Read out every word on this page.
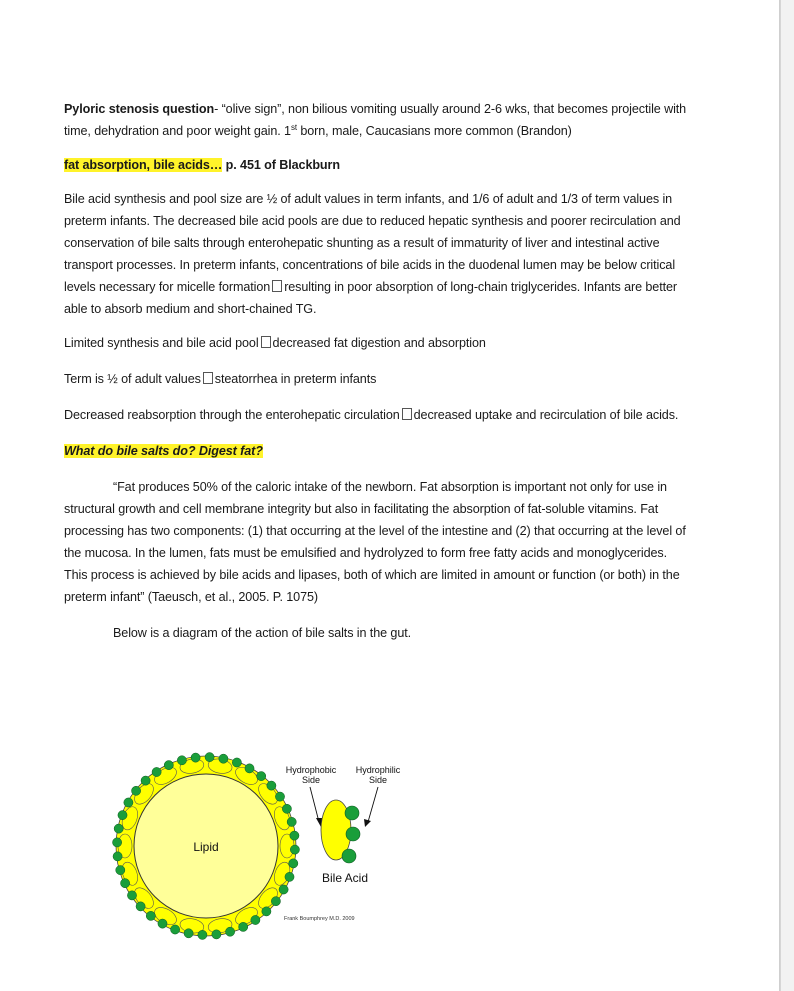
Pyloric stenosis question- “olive sign”, non bilious vomiting usually around 2-6 wks, that becomes projectile with time, dehydration and poor weight gain. 1st born, male, Caucasians more common (Brandon)

fat absorption, bile acids… p. 451 of Blackburn

Bile acid synthesis and pool size are ½ of adult values in term infants, and 1/6 of adult and 1/3 of term values in preterm infants. The decreased bile acid pools are due to reduced hepatic synthesis and poorer recirculation and conservation of bile salts through enterohepatic shunting as a result of immaturity of liver and intestinal active transport processes. In preterm infants, concentrations of bile acids in the duodenal lumen may be below critical levels necessary for micelle formation resulting in poor absorption of long-chain triglycerides. Infants are better able to absorb medium and short-chained TG.

Limited synthesis and bile acid pool decreased fat digestion and absorption

Term is ½ of adult values steatorrhea in preterm infants

Decreased reabsorption through the enterohepatic circulation decreased uptake and recirculation of bile acids.

What do bile salts do? Digest fat?

“Fat produces 50% of the caloric intake of the newborn. Fat absorption is important not only for use in structural growth and cell membrane integrity but also in facilitating the absorption of fat-soluble vitamins. Fat processing has two components: (1) that occurring at the level of the intestine and (2) that occurring at the level of the mucosa. In the lumen, fats must be emulsified and hydrolyzed to form free fatty acids and monoglycerides. This process is achieved by bile acids and lipases, both of which are limited in amount or function (or both) in the preterm infant” (Taeusch, et al., 2005. P. 1075)

Below is a diagram of the action of bile salts in the gut.

Lipid
Hydrophobic
Side
Hydrophilic
Side
Bile Acid
Frank Boumphrey M.D. 2009
